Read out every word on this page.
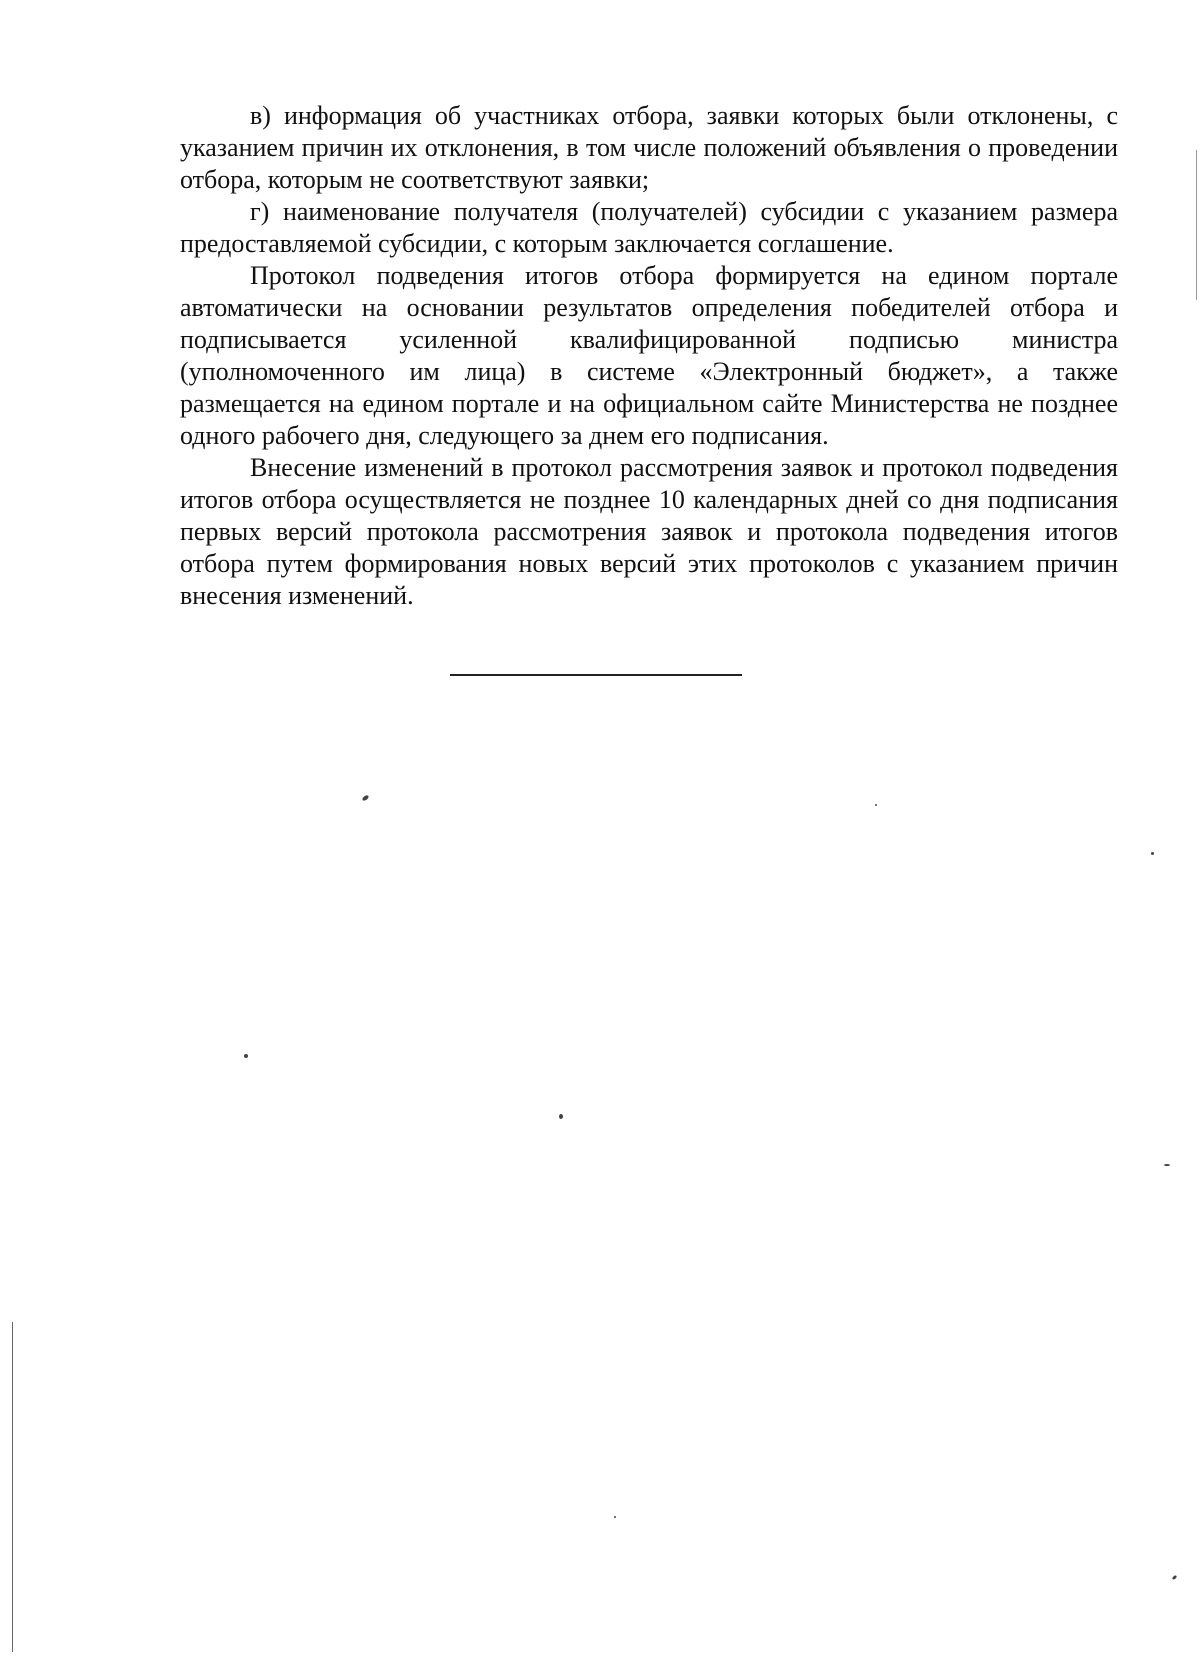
в) информация об участниках отбора, заявки которых были отклонены, с указанием причин их отклонения, в том числе положений объявления о проведении отбора, которым не соответствуют заявки;

г) наименование получателя (получателей) субсидии с указанием размера предоставляемой субсидии, с которым заключается соглашение.

Протокол подведения итогов отбора формируется на едином портале автоматически на основании результатов определения победителей отбора и подписывается усиленной квалифицированной подписью министра (уполномоченного им лица) в системе «Электронный бюджет», а также размещается на едином портале и на официальном сайте Министерства не позднее одного рабочего дня, следующего за днем его подписания.

Внесение изменений в протокол рассмотрения заявок и протокол подведения итогов отбора осуществляется не позднее 10 календарных дней со дня подписания первых версий протокола рассмотрения заявок и протокола подведения итогов отбора путем формирования новых версий этих протоколов с указанием причин внесения изменений.
